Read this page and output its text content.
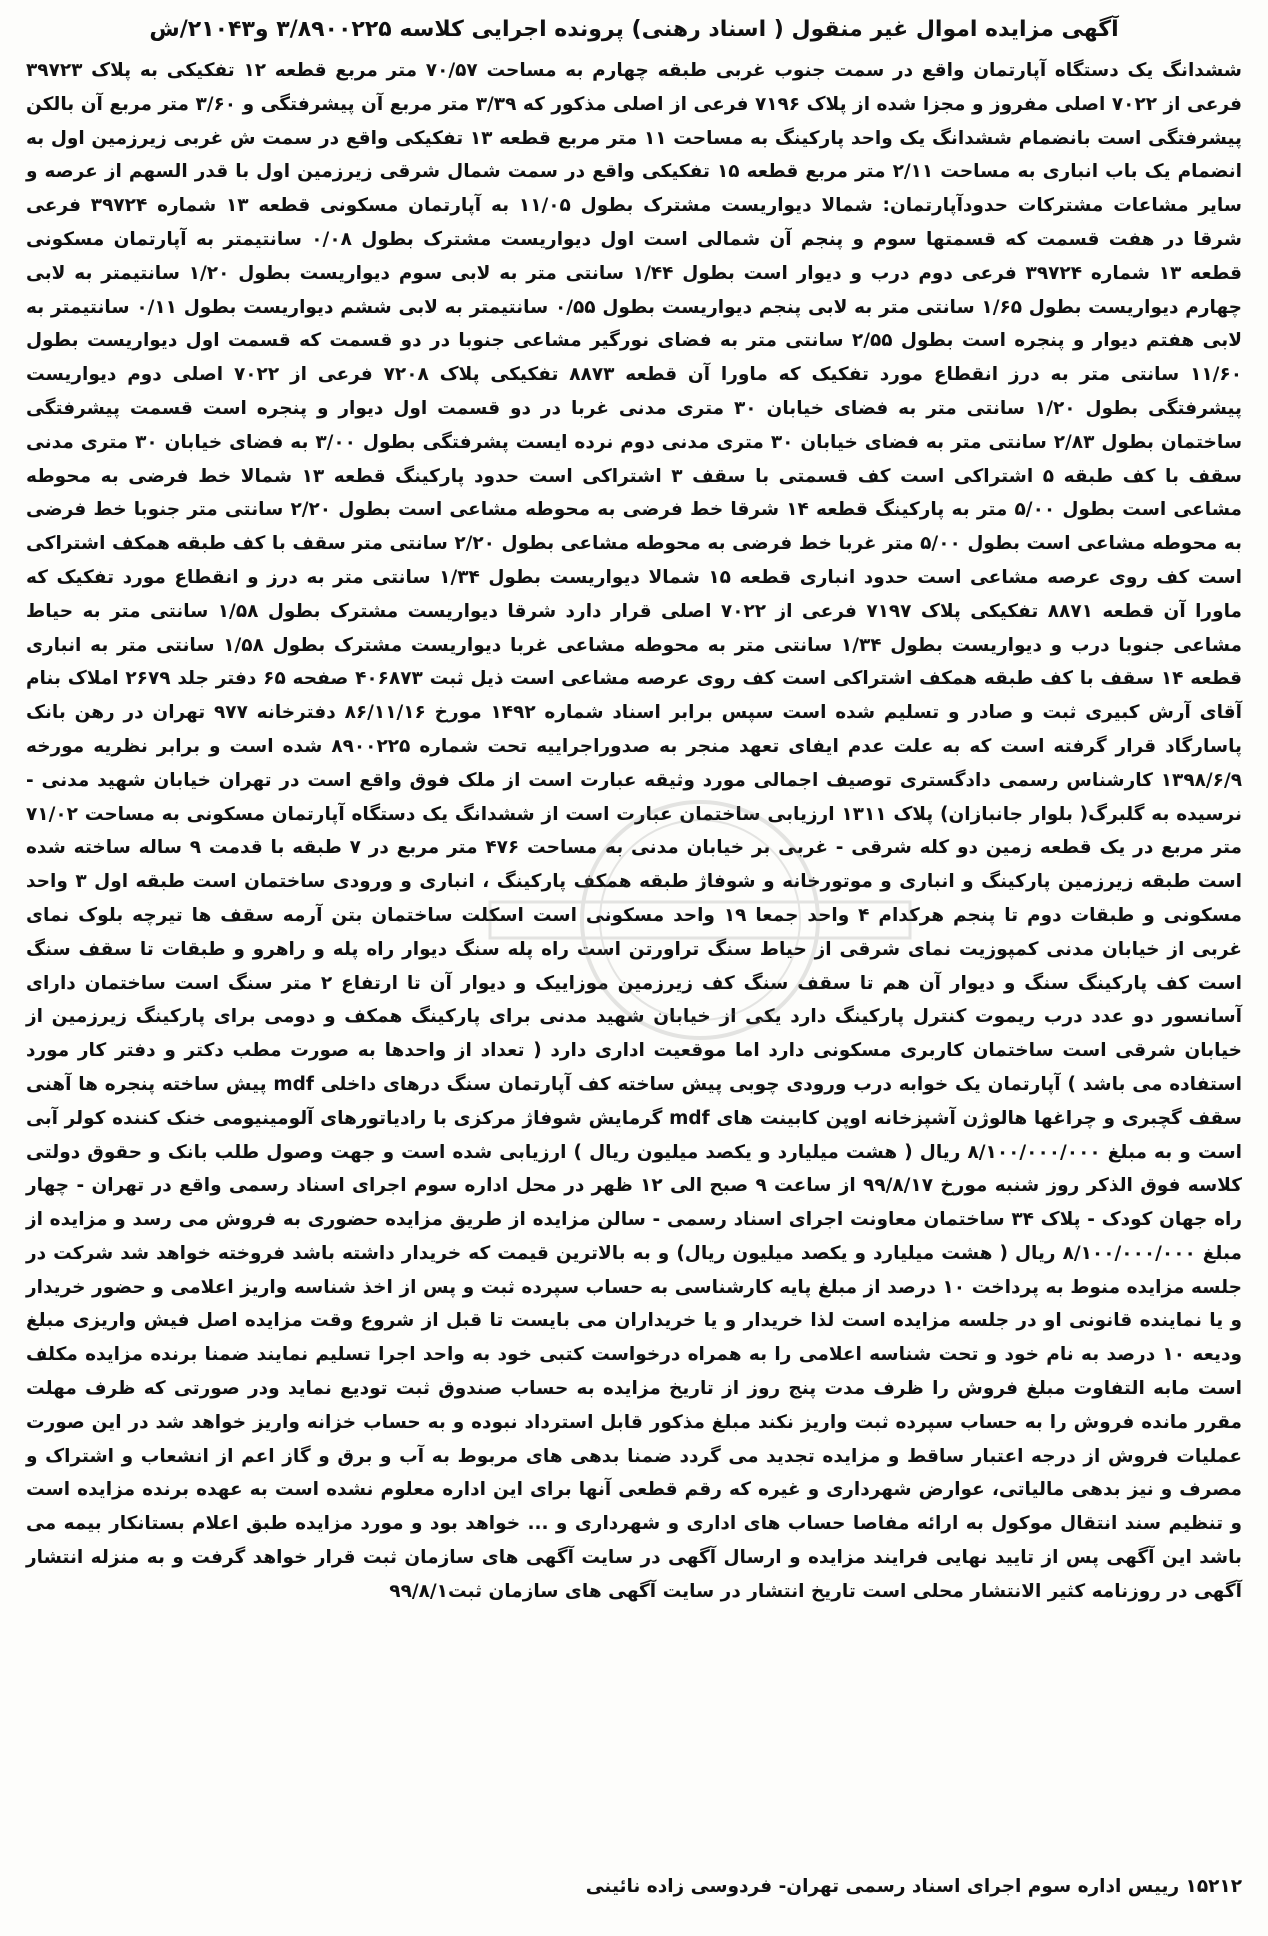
آگهی مزایده اموال غیر منقول ( اسناد رهنی) پرونده اجرایی کلاسه ۳/۸۹۰۰۲۲۵ و۲۱۰۴۳/ش

ششدانگ یک دستگاه آپارتمان واقع در سمت جنوب غربی طبقه چهارم به مساحت ۷۰/۵۷ متر مربع قطعه ۱۲ تفکیکی به پلاک ۳۹۷۲۳ فرعی از ۷۰۲۲ اصلی مفروز و مجزا شده از پلاک ۷۱۹۶ فرعی از اصلی مذکور که ۳/۳۹ متر مربع آن پیشرفتگی و ۳/۶۰ متر مربع آن بالکن پیشرفتگی است بانضمام ششدانگ یک واحد پارکینگ به مساحت ۱۱ متر مربع قطعه ۱۳ تفکیکی واقع در سمت ش غربی زیرزمین اول به انضمام یک باب انباری به مساحت ۲/۱۱ متر مربع قطعه ۱۵ تفکیکی واقع در سمت شمال شرقی زیرزمین اول با قدر السهم از عرصه و سایر مشاعات مشترکات حدودآپارتمان: شمالا دیواریست مشترک بطول ۱۱/۰۵ به آپارتمان مسکونی قطعه ۱۳ شماره ۳۹۷۲۴ فرعی شرقا در هفت قسمت که قسمتها سوم و پنجم آن شمالی است اول دیواریست مشترک بطول ۰/۰۸ سانتیمتر به آپارتمان مسکونی قطعه ۱۳ شماره ۳۹۷۲۴ فرعی دوم درب و دیوار است بطول ۱/۴۴ سانتی متر به لابی سوم دیواریست بطول ۱/۲۰ سانتیمتر به لابی چهارم دیواریست بطول ۱/۶۵ سانتی متر به لابی پنجم دیواریست بطول ۰/۵۵ سانتیمتر به لابی ششم دیواریست بطول ۰/۱۱ سانتیمتر به لابی هفتم دیوار و پنجره است بطول ۲/۵۵ سانتی متر به فضای نورگیر مشاعی جنوبا در دو قسمت که قسمت اول دیواریست بطول ۱۱/۶۰ سانتی متر به درز انقطاع مورد تفکیک که ماورا آن قطعه ۸۸۷۳ تفکیکی پلاک ۷۲۰۸ فرعی از ۷۰۲۲ اصلی دوم دیواریست پیشرفتگی بطول ۱/۲۰ سانتی متر به فضای خیابان ۳۰ متری مدنی غربا در دو قسمت اول دیوار و پنجره است قسمت پیشرفتگی ساختمان بطول ۲/۸۳ سانتی متر به فضای خیابان ۳۰ متری مدنی دوم نرده ایست پشرفتگی بطول ۳/۰۰ به فضای خیابان ۳۰ متری مدنی سقف با کف طبقه ۵ اشتراکی است کف قسمتی با سقف ۳ اشتراکی است حدود پارکینگ قطعه ۱۳ شمالا خط فرضی به محوطه مشاعی است بطول ۵/۰۰ متر به پارکینگ قطعه ۱۴ شرقا خط فرضی به محوطه مشاعی است بطول ۲/۲۰ سانتی متر جنوبا خط فرضی به محوطه مشاعی است بطول ۵/۰۰ متر غربا خط فرضی به محوطه مشاعی بطول ۲/۲۰ سانتی متر سقف با کف طبقه همکف اشتراکی است کف روی عرصه مشاعی است حدود انباری قطعه ۱۵ شمالا دیواریست بطول ۱/۳۴ سانتی متر به درز و انقطاع مورد تفکیک که ماورا آن قطعه ۸۸۷۱ تفکیکی پلاک ۷۱۹۷ فرعی از ۷۰۲۲ اصلی قرار دارد شرقا دیواریست مشترک بطول ۱/۵۸ سانتی متر به حیاط مشاعی جنوبا درب و دیواریست بطول ۱/۳۴ سانتی متر به محوطه مشاعی غربا دیواریست مشترک بطول ۱/۵۸ سانتی متر به انباری قطعه ۱۴ سقف با کف طبقه همکف اشتراکی است کف روی عرصه مشاعی است ذیل ثبت ۴۰۶۸۷۳ صفحه ۶۵ دفتر جلد ۲۶۷۹ املاک بنام آقای آرش کبیری ثبت و صادر و تسلیم شده است سپس برابر اسناد شماره ۱۴۹۲ مورخ ۸۶/۱۱/۱۶ دفترخانه ۹۷۷ تهران در رهن بانک پاسارگاد قرار گرفته است که به علت عدم ایفای تعهد منجر به صدوراجراییه تحت شماره ۸۹۰۰۲۲۵ شده است و برابر نظریه مورخه ۱۳۹۸/۶/۹ کارشناس رسمی دادگستری توصیف اجمالی مورد وثیقه عبارت است از ملک فوق واقع است در تهران خیابان شهید مدنی - نرسیده به گلبرگ( بلوار جانبازان) پلاک ۱۳۱۱ ارزیابی ساختمان عبارت است از ششدانگ یک دستگاه آپارتمان مسکونی به مساحت ۷۱/۰۲ متر مربع در یک قطعه زمین دو کله شرقی - غربی بر خیابان مدنی به مساحت ۴۷۶ متر مربع در ۷ طبقه با قدمت ۹ ساله ساخته شده است طبقه زیرزمین پارکینگ و انباری و موتورخانه و شوفاژ طبقه همکف پارکینگ ، انباری و ورودی ساختمان است طبقه اول ۳ واحد مسکونی و طبقات دوم تا پنجم هرکدام ۴ واحد جمعا ۱۹ واحد مسکونی است اسکلت ساختمان بتن آرمه سقف ها تیرچه بلوک نمای غربی از خیابان مدنی کمپوزیت نمای شرقی از حیاط سنگ تراورتن است راه پله سنگ دیوار راه پله و راهرو و طبقات تا سقف سنگ است کف پارکینگ سنگ و دیوار آن هم تا سقف سنگ کف زیرزمین موزاییک و دیوار آن تا ارتفاع ۲ متر سنگ است ساختمان دارای آسانسور دو عدد درب ریموت کنترل پارکینگ دارد یکی از خیابان شهید مدنی برای پارکینگ همکف و دومی برای پارکینگ زیرزمین از خیابان شرقی است ساختمان کاربری مسکونی دارد اما موقعیت اداری دارد ( تعداد از واحدها به صورت مطب دکتر و دفتر کار مورد استفاده می باشد ) آپارتمان یک خوابه درب ورودی چوبی پیش ساخته کف آپارتمان سنگ درهای داخلی mdf پیش ساخته پنجره ها آهنی سقف گچبری و چراغها هالوژن آشپزخانه اوپن کابینت های mdf گرمایش شوفاژ مرکزی با رادیاتورهای آلومینیومی خنک کننده کولر آبی است و به مبلغ ۸/۱۰۰/۰۰۰/۰۰۰ ریال ( هشت میلیارد و یکصد میلیون ریال ) ارزیابی شده است و جهت وصول طلب بانک و حقوق دولتی کلاسه فوق الذکر روز شنبه مورخ ۹۹/۸/۱۷ از ساعت ۹ صبح الی ۱۲ ظهر در محل اداره سوم اجرای اسناد رسمی واقع در تهران - چهار راه جهان کودک - پلاک ۳۴ ساختمان معاونت اجرای اسناد رسمی - سالن مزایده از طریق مزایده حضوری به فروش می رسد و مزایده از مبلغ ۸/۱۰۰/۰۰۰/۰۰۰ ریال ( هشت میلیارد و یکصد میلیون ریال) و به بالاترین قیمت که خریدار داشته باشد فروخته خواهد شد شرکت در جلسه مزایده منوط به پرداخت ۱۰ درصد از مبلغ پایه کارشناسی به حساب سپرده ثبت و پس از اخذ شناسه واریز اعلامی و حضور خریدار و یا نماینده قانونی او در جلسه مزایده است لذا خریدار و یا خریداران می بایست تا قبل از شروع وقت مزایده اصل فیش واریزی مبلغ ودیعه ۱۰ درصد به نام خود و تحت شناسه اعلامی را به همراه درخواست کتبی خود به واحد اجرا تسلیم نمایند ضمنا برنده مزایده مکلف است مابه التفاوت مبلغ فروش را ظرف مدت پنج روز از تاریخ مزایده به حساب صندوق ثبت تودیع نماید ودر صورتی که ظرف مهلت مقرر مانده فروش را به حساب سپرده ثبت واریز نکند مبلغ مذکور قابل استرداد نبوده و به حساب خزانه واریز خواهد شد در این صورت عملیات فروش از درجه اعتبار ساقط و مزایده تجدید می گردد ضمنا بدهی های مربوط به آب و برق و گاز اعم از انشعاب و اشتراک و مصرف و نیز بدهی مالیاتی، عوارض شهرداری و غیره که رقم قطعی آنها برای این اداره معلوم نشده است به عهده برنده مزایده است و تنظیم سند انتقال موکول به ارائه مفاصا حساب های اداری و شهرداری و ... خواهد بود و مورد مزایده طبق اعلام بستانکار بیمه می باشد این آگهی پس از تایید نهایی فرایند مزایده و ارسال آگهی در سایت آگهی های سازمان ثبت قرار خواهد گرفت و به منزله انتشار آگهی در روزنامه کثیر الانتشار محلی است تاریخ انتشار در سایت آگهی های سازمان ثبت۹۹/۸/۱

۱۵۲۱۲ رییس اداره سوم اجرای اسناد رسمی تهران- فردوسی زاده نائینی
